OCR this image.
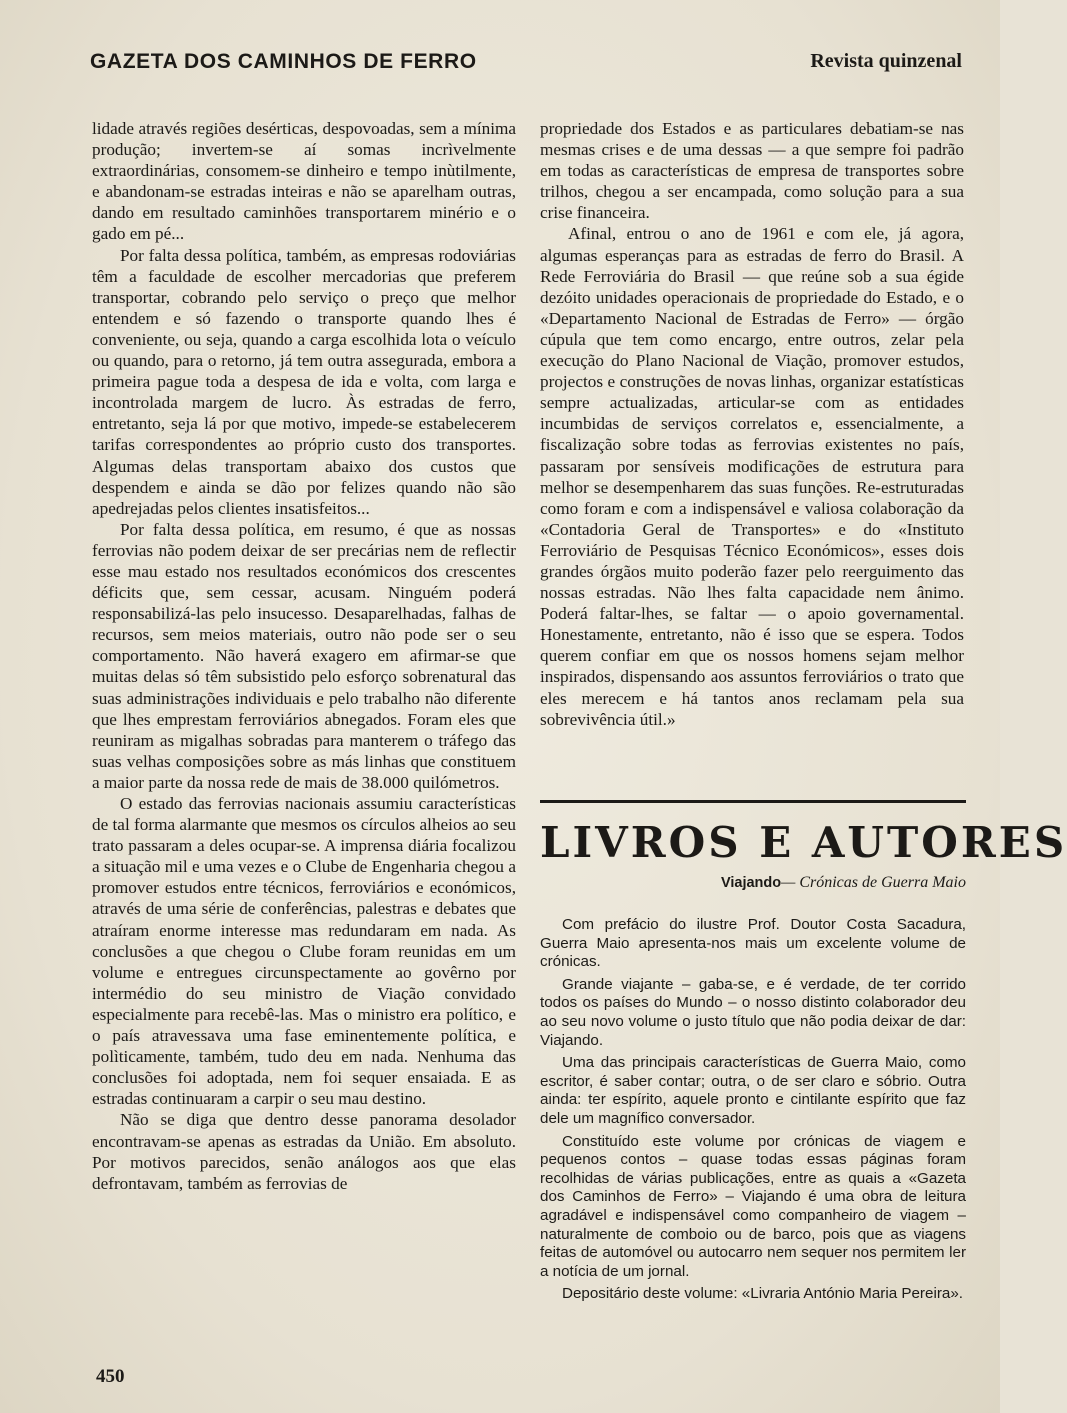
GAZETA DOS CAMINHOS DE FERRO	Revista quinzenal

lidade através regiões desérticas, despovoadas, sem a mínima produção; invertem-se aí somas incrìvelmente extraordinárias, consomem-se dinheiro e tempo inùtilmente, e abandonam-se estradas inteiras e não se aparelham outras, dando em resultado caminhões transportarem minério e o gado em pé...

Por falta dessa política, também, as empresas rodoviárias têm a faculdade de escolher mercadorias que preferem transportar, cobrando pelo serviço o preço que melhor entendem e só fazendo o transporte quando lhes é conveniente, ou seja, quando a carga escolhida lota o veículo ou quando, para o retorno, já tem outra assegurada, embora a primeira pague toda a despesa de ida e volta, com larga e incontrolada margem de lucro. Às estradas de ferro, entretanto, seja lá por que motivo, impede-se estabelecerem tarifas correspondentes ao próprio custo dos transportes. Algumas delas transportam abaixo dos custos que despendem e ainda se dão por felizes quando não são apedrejadas pelos clientes insatisfeitos...

Por falta dessa política, em resumo, é que as nossas ferrovias não podem deixar de ser precárias nem de reflectir esse mau estado nos resultados económicos dos crescentes déficits que, sem cessar, acusam. Ninguém poderá responsabilizá-las pelo insucesso. Desaparelhadas, falhas de recursos, sem meios materiais, outro não pode ser o seu comportamento. Não haverá exagero em afirmar-se que muitas delas só têm subsistido pelo esforço sobrenatural das suas administrações individuais e pelo trabalho não diferente que lhes emprestam ferroviários abnegados. Foram eles que reuniram as migalhas sobradas para manterem o tráfego das suas velhas composições sobre as más linhas que constituem a maior parte da nossa rede de mais de 38.000 quilómetros.

O estado das ferrovias nacionais assumiu características de tal forma alarmante que mesmos os círculos alheios ao seu trato passaram a deles ocupar-se. A imprensa diária focalizou a situação mil e uma vezes e o Clube de Engenharia chegou a promover estudos entre técnicos, ferroviários e económicos, através de uma série de conferências, palestras e debates que atraíram enorme interesse mas redundaram em nada. As conclusões a que chegou o Clube foram reunidas em um volume e entregues circunspectamente ao govêrno por intermédio do seu ministro de Viação convidado especialmente para recebê-las. Mas o ministro era político, e o país atravessava uma fase eminentemente política, e polìticamente, também, tudo deu em nada. Nenhuma das conclusões foi adoptada, nem foi sequer ensaiada. E as estradas continuaram a carpir o seu mau destino.

Não se diga que dentro desse panorama desolador encontravam-se apenas as estradas da União. Em absoluto. Por motivos parecidos, senão análogos aos que elas defrontavam, também as ferrovias de

propriedade dos Estados e as particulares debatiam-se nas mesmas crises e de uma dessas — a que sempre foi padrão em todas as características de empresa de transportes sobre trilhos, chegou a ser encampada, como solução para a sua crise financeira.

Afinal, entrou o ano de 1961 e com ele, já agora, algumas esperanças para as estradas de ferro do Brasil. A Rede Ferroviária do Brasil — que reúne sob a sua égide dezóito unidades operacionais de propriedade do Estado, e o «Departamento Nacional de Estradas de Ferro» — órgão cúpula que tem como encargo, entre outros, zelar pela execução do Plano Nacional de Viação, promover estudos, projectos e construções de novas linhas, organizar estatísticas sempre actualizadas, articular-se com as entidades incumbidas de serviços correlatos e, essencialmente, a fiscalização sobre todas as ferrovias existentes no país, passaram por sensíveis modificações de estrutura para melhor se desempenharem das suas funções. Re-estruturadas como foram e com a indispensável e valiosa colaboração da «Contadoria Geral de Transportes» e do «Instituto Ferroviário de Pesquisas Técnico Económicos», esses dois grandes órgãos muito poderão fazer pelo reerguimento das nossas estradas. Não lhes falta capacidade nem ânimo. Poderá faltar-lhes, se faltar — o apoio governamental. Honestamente, entretanto, não é isso que se espera. Todos querem confiar em que os nossos homens sejam melhor inspirados, dispensando aos assuntos ferroviários o trato que eles merecem e há tantos anos reclamam pela sua sobrevivência útil.»

LIVROS E AUTORES
Viajando— Crónicas de Guerra Maio

Com prefácio do ilustre Prof. Doutor Costa Sacadura, Guerra Maio apresenta-nos mais um excelente volume de crónicas.

Grande viajante – gaba-se, e é verdade, de ter corrido todos os países do Mundo – o nosso distinto colaborador deu ao seu novo volume o justo título que não podia deixar de dar: Viajando.

Uma das principais características de Guerra Maio, como escritor, é saber contar; outra, o de ser claro e sóbrio. Outra ainda: ter espírito, aquele pronto e cintilante espírito que faz dele um magnífico conversador.

Constituído este volume por crónicas de viagem e pequenos contos – quase todas essas páginas foram recolhidas de várias publicações, entre as quais a «Gazeta dos Caminhos de Ferro» – Viajando é uma obra de leitura agradável e indispensável como companheiro de viagem – naturalmente de comboio ou de barco, pois que as viagens feitas de automóvel ou autocarro nem sequer nos permitem ler a notícia de um jornal.

Depositário deste volume: «Livraria António Maria Pereira».

450
